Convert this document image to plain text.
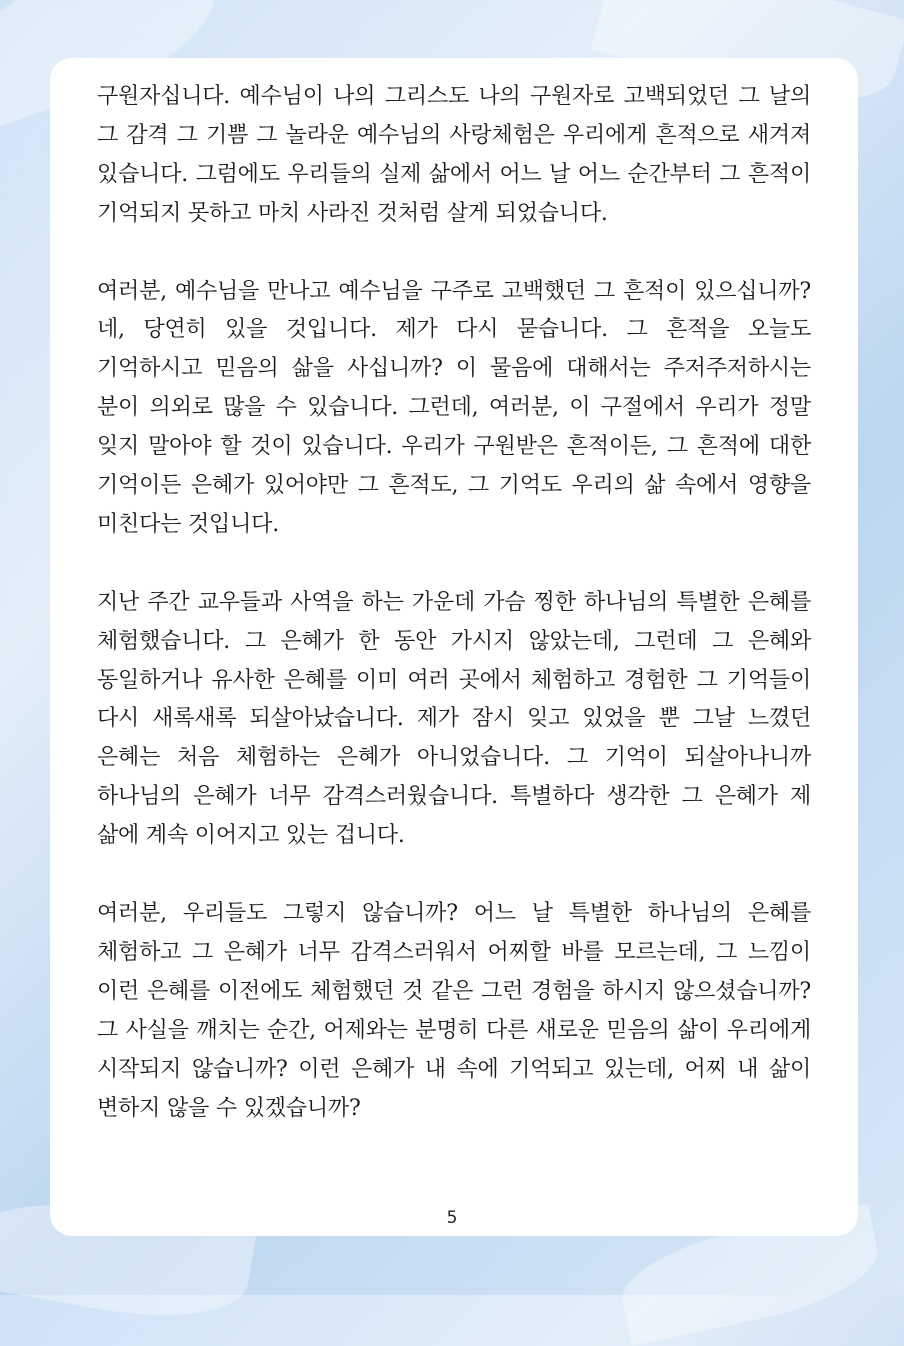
구원자십니다. 예수님이 나의 그리스도 나의 구원자로 고백되었던 그 날의 그 감격 그 기쁨 그 놀라운 예수님의 사랑체험은 우리에게 흔적으로 새겨져 있습니다. 그럼에도 우리들의 실제 삶에서 어느 날 어느 순간부터 그 흔적이 기억되지 못하고 마치 사라진 것처럼 살게 되었습니다.

여러분, 예수님을 만나고 예수님을 구주로 고백했던 그 흔적이 있으십니까? 네, 당연히 있을 것입니다. 제가 다시 묻습니다. 그 흔적을 오늘도 기억하시고 믿음의 삶을 사십니까? 이 물음에 대해서는 주저주저하시는 분이 의외로 많을 수 있습니다. 그런데, 여러분, 이 구절에서 우리가 정말 잊지 말아야 할 것이 있습니다. 우리가 구원받은 흔적이든, 그 흔적에 대한 기억이든 은혜가 있어야만 그 흔적도, 그 기억도 우리의 삶 속에서 영향을 미친다는 것입니다.

지난 주간 교우들과 사역을 하는 가운데 가슴 찡한 하나님의 특별한 은혜를 체험했습니다. 그 은혜가 한 동안 가시지 않았는데, 그런데 그 은혜와 동일하거나 유사한 은혜를 이미 여러 곳에서 체험하고 경험한 그 기억들이 다시 새록새록 되살아났습니다. 제가 잠시 잊고 있었을 뿐 그날 느꼈던 은혜는 처음 체험하는 은혜가 아니었습니다. 그 기억이 되살아나니까 하나님의 은혜가 너무 감격스러웠습니다. 특별하다 생각한 그 은혜가 제 삶에 계속 이어지고 있는 겁니다.

여러분, 우리들도 그렇지 않습니까? 어느 날 특별한 하나님의 은혜를 체험하고 그 은혜가 너무 감격스러워서 어찌할 바를 모르는데, 그 느낌이 이런 은혜를 이전에도 체험했던 것 같은 그런 경험을 하시지 않으셨습니까? 그 사실을 깨치는 순간, 어제와는 분명히 다른 새로운 믿음의 삶이 우리에게 시작되지 않습니까? 이런 은혜가 내 속에 기억되고 있는데, 어찌 내 삶이 변하지 않을 수 있겠습니까?

5
